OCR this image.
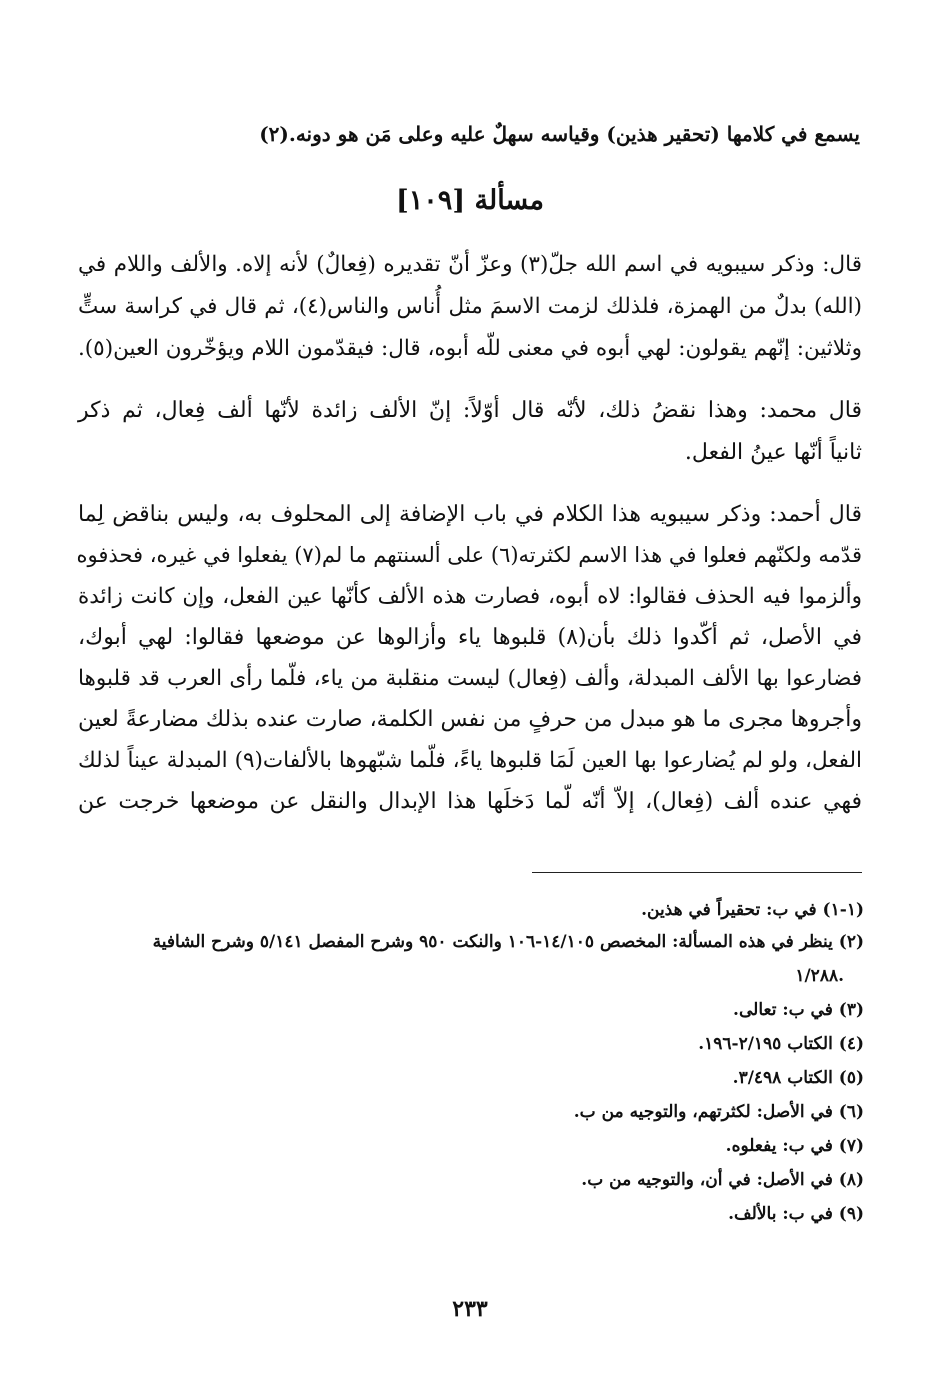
يسمع في كلامها (تحقير هذين) وقياسه سهلٌ عليه وعلى مَن هو دونه.(٢)
مسألة [١٠٩]
قال: وذكر سيبويه في اسم الله جلّ(٣) وعزّ أنّ تقديره (فِعالٌ) لأنه إلاه. والألف واللام في
(الله) بدلٌ من الهمزة، فلذلك لزمت الاسمَ مثل أُناس والناس(٤)، ثم قال في كراسة ستٍّ
وثلاثين: إنّهم يقولون: لهي أبوه في معنى للّه أبوه، قال: فيقدّمون اللام ويؤخّرون العين(٥).
قال محمد: وهذا نقضُ ذلك، لأنّه قال أوّلاً: إنّ الألف زائدة لأنّها ألف فِعال، ثم ذكر
ثانياً أنّها عينُ الفعل.
قال أحمد: وذكر سيبويه هذا الكلام في باب الإضافة إلى المحلوف به، وليس بناقض لِما
قدّمه ولكنّهم فعلوا في هذا الاسم لكثرته(٦) على ألسنتهم ما لم(٧) يفعلوا في غيره، فحذفوه
وألزموا فيه الحذف فقالوا: لاه أبوه، فصارت هذه الألف كأنّها عين الفعل، وإن كانت زائدة
في الأصل، ثم أكّدوا ذلك بأن(٨) قلبوها ياء وأزالوها عن موضعها فقالوا: لهي أبوك،
فضارعوا بها الألف المبدلة، وألف (فِعال) ليست منقلبة من ياء، فلّما رأى العرب قد قلبوها
وأجروها مجرى ما هو مبدل من حرفٍ من نفس الكلمة، صارت عنده بذلك مضارعةً لعين
الفعل، ولو لم يُضارعوا بها العين لَمَا قلبوها ياءً، فلّما شبّهوها بالألفات(٩) المبدلة عيناً لذلك
فهي عنده ألف (فِعال)، إلاّ أنّه لّما دَخلَها هذا الإبدال والنقل عن موضعها خرجت عن
(١-١) في ب: تحقيراً في هذين.
(٢) ينظر في هذه المسألة: المخصص ١٤/١٠٥-١٠٦ والنكت ٩٥٠ وشرح المفصل ٥/١٤١ وشرح الشافية
١/٢٨٨.
(٣) في ب: تعالى.
(٤) الكتاب ٢/١٩٥-١٩٦.
(٥) الكتاب ٣/٤٩٨.
(٦) في الأصل: لكثرتهم، والتوجيه من ب.
(٧) في ب: يفعلوه.
(٨) في الأصل: في أن، والتوجيه من ب.
(٩) في ب: بالألف.
٢٣٣
